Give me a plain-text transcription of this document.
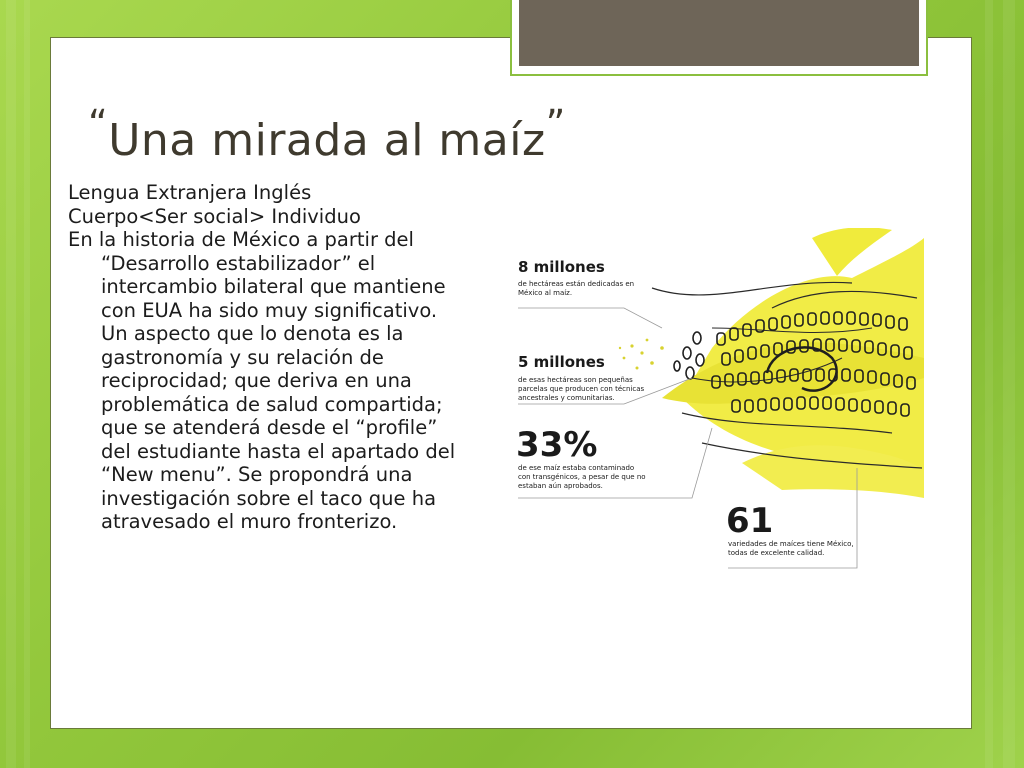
“Una mirada al maíz”
Lengua Extranjera Inglés
Cuerpo<Ser social> Individuo
En la historia de México a partir del “Desarrollo estabilizador” el intercambio bilateral que mantiene con EUA ha sido muy significativo. Un aspecto que lo denota es la gastronomía y su relación de reciprocidad; que deriva en una problemática de salud compartida; que se atenderá desde el “profile” del estudiante hasta el apartado del “New menu”. Se propondrá una investigación sobre el taco que ha atravesado el muro fronterizo.
8 millones
de hectáreas están dedicadas en
México al maíz.
5 millones
de esas hectáreas son pequeñas
parcelas que producen con técnicas
ancestrales y comunitarias.
33%
de ese maíz estaba contaminado
con transgénicos, a pesar de que no
estaban aún aprobados.
61
variedades de maíces tiene México,
todas de excelente calidad.
